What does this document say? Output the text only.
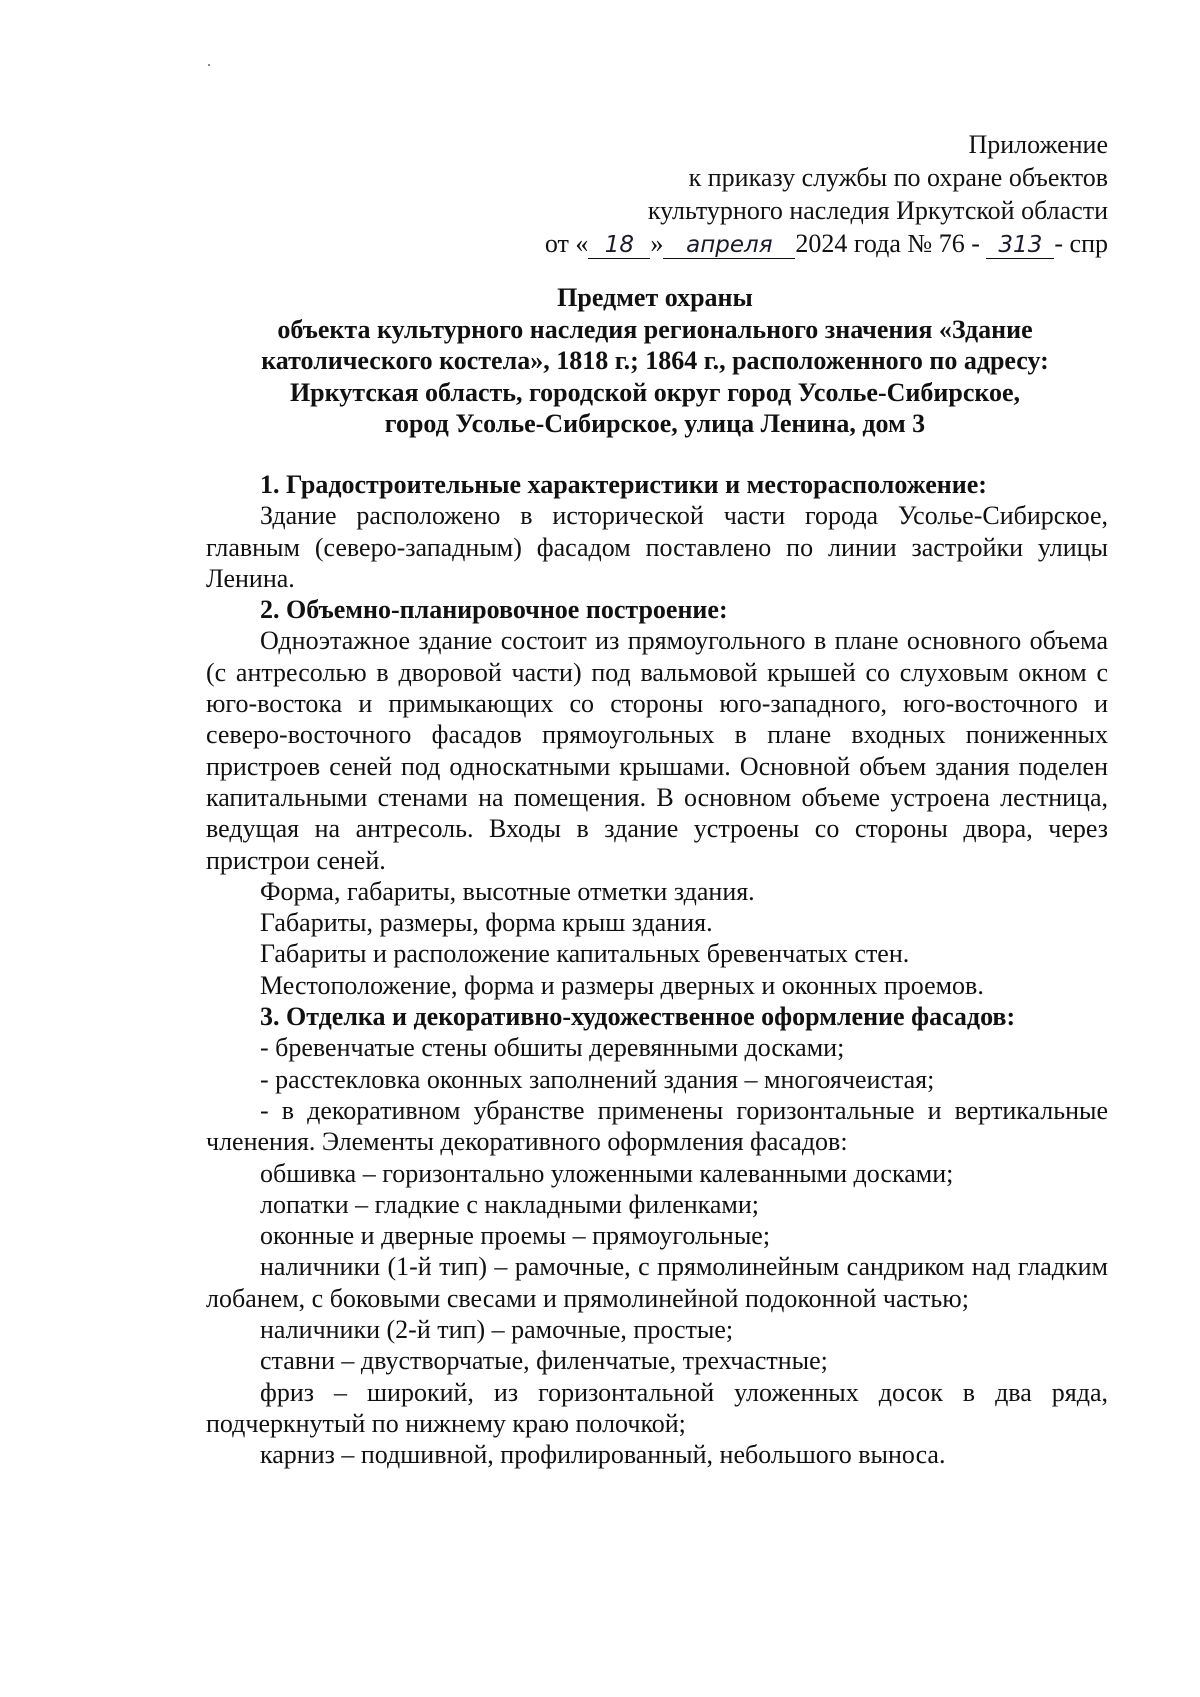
Приложение
к приказу службы по охране объектов
культурного наследия Иркутской области
от « 18 » апреля 2024 года № 76 - 313 - спр
Предмет охраны
объекта культурного наследия регионального значения «Здание
католического костела», 1818 г.; 1864 г., расположенного по адресу:
Иркутская область, городской округ город Усолье-Сибирское,
город Усолье-Сибирское, улица Ленина, дом 3

1. Градостроительные характеристики и месторасположение:

Здание расположено в исторической части города Усолье-Сибирское, главным (северо-западным) фасадом поставлено по линии застройки улицы Ленина.

2. Объемно-планировочное построение:

Одноэтажное здание состоит из прямоугольного в плане основного объема (с антресолью в дворовой части) под вальмовой крышей со слуховым окном с юго-востока и примыкающих со стороны юго-западного, юго-восточного и северо-восточного фасадов прямоугольных в плане входных пониженных пристроев сеней под односкатными крышами. Основной объем здания поделен капитальными стенами на помещения. В основном объеме устроена лестница, ведущая на антресоль. Входы в здание устроены со стороны двора, через пристрои сеней.

Форма, габариты, высотные отметки здания.

Габариты, размеры, форма крыш здания.

Габариты и расположение капитальных бревенчатых стен.

Местоположение, форма и размеры дверных и оконных проемов.

3. Отделка и декоративно-художественное оформление фасадов:

- бревенчатые стены обшиты деревянными досками;

- расстекловка оконных заполнений здания – многоячеистая;

- в декоративном убранстве применены горизонтальные и вертикальные членения. Элементы декоративного оформления фасадов:

обшивка – горизонтально уложенными калеванными досками;

лопатки – гладкие с накладными филенками;

оконные и дверные проемы – прямоугольные;

наличники (1-й тип) – рамочные, с прямолинейным сандриком над гладким лобанем, с боковыми свесами и прямолинейной подоконной частью;

наличники (2-й тип) – рамочные, простые;

ставни – двустворчатые, филенчатые, трехчастные;

фриз – широкий, из горизонтальной уложенных досок в два ряда, подчеркнутый по нижнему краю полочкой;

карниз – подшивной, профилированный, небольшого выноса.
